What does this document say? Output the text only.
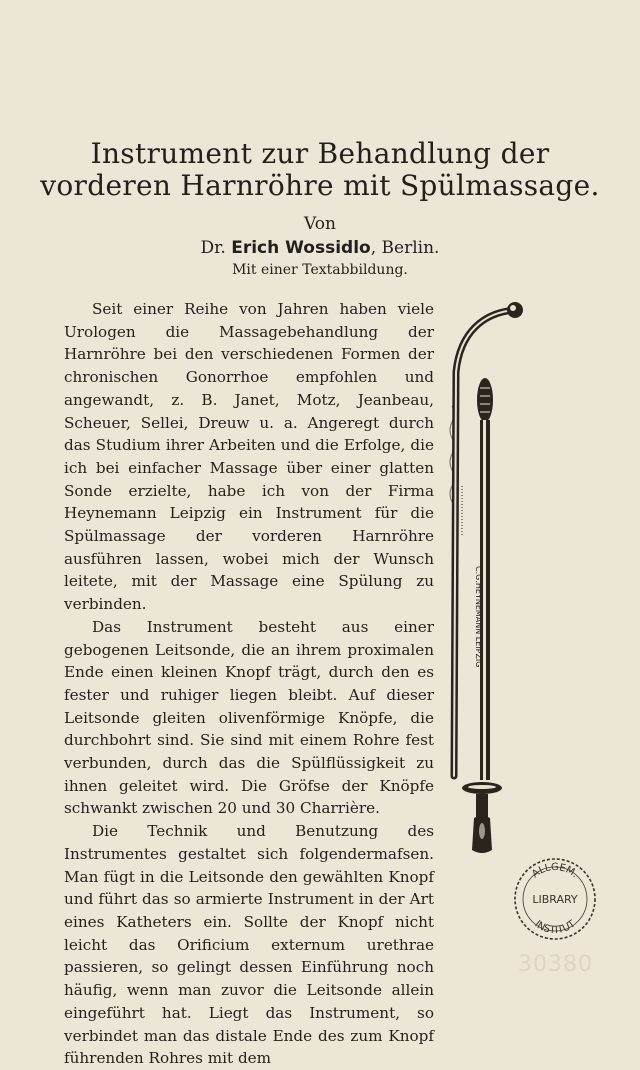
Instrument zur Behandlung der vorderen Harnröhre mit Spülmassage.
Von
Dr. Erich Wossidlo, Berlin.
Mit einer Textabbildung.

Seit einer Reihe von Jahren haben viele Urologen die Massagebehandlung der Harnröhre bei den verschiedenen Formen der chronischen Gonorrhoe empfohlen und angewandt, z. B. Janet, Motz, Jeanbeau, Scheuer, Sellei, Dreuw u. a. Angeregt durch das Studium ihrer Arbeiten und die Erfolge, die ich bei einfacher Massage über einer glatten Sonde erzielte, habe ich von der Firma Heynemann Leipzig ein Instrument für die Spülmassage der vorderen Harnröhre ausführen lassen, wobei mich der Wunsch leitete, mit der Massage eine Spülung zu verbinden.

Das Instrument besteht aus einer gebogenen Leitsonde, die an ihrem proximalen Ende einen kleinen Knopf trägt, durch den es fester und ruhiger liegen bleibt. Auf dieser Leitsonde gleiten olivenförmige Knöpfe, die durchbohrt sind. Sie sind mit einem Rohre fest verbunden, durch das die Spülflüssigkeit zu ihnen geleitet wird. Die Gröfse der Knöpfe schwankt zwischen 20 und 30 Charrière.

Die Technik und Benutzung des Instrumentes gestaltet sich folgendermafsen. Man fügt in die Leitsonde den gewählten Knopf und führt das so armierte Instrument in der Art eines Katheters ein. Sollte der Knopf nicht leicht das Orificium externum urethrae passieren, so gelingt dessen Einführung noch häufig, wenn man zuvor die Leitsonde allein eingeführt hat. Liegt das Instrument, so verbindet man das distale Ende des zum Knopf führenden Rohres mit dem

C.G.HEYNEMANN LEIPZIG
ALLGEM.
LIBRARY
INSTITUT
30380
